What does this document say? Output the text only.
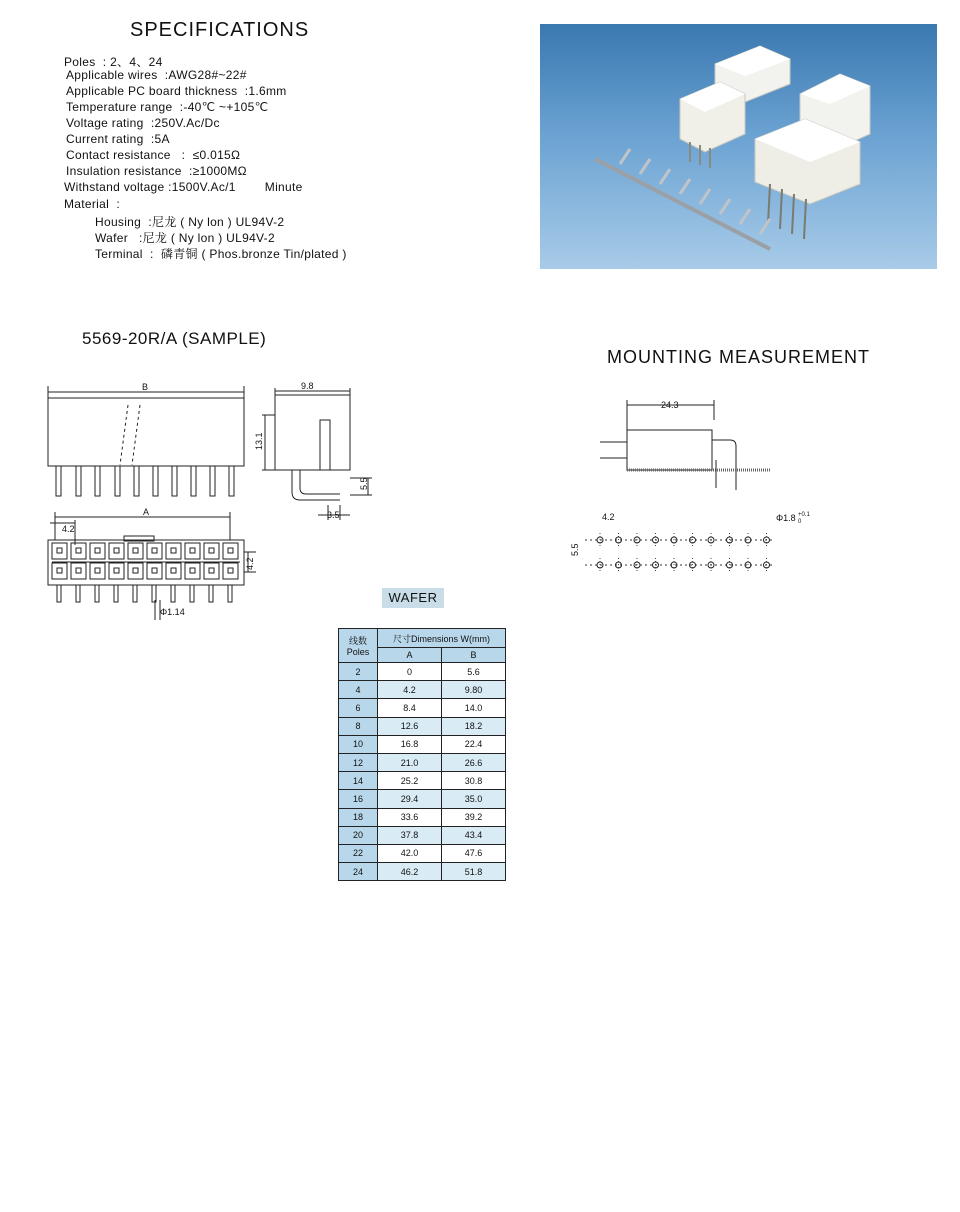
SPECIFICATIONS
Poles  : 2、4、24
Applicable wires  :AWG28#~22#
Applicable PC board thickness  :1.6mm
Temperature range  :-40℃ ~+105℃
Voltage rating  :250V.Ac/Dc
Current rating  :5A
Contact resistance   :  ≤0.015Ω
Insulation resistance  :≥1000MΩ
Withstand voltage :1500V.Ac/1        Minute
Material  :
Housing  :尼龙 ( Ny lon ) UL94V-2
Wafer   :尼龙 ( Ny lon ) UL94V-2
Terminal  :  磷青铜 ( Phos.bronze Tin/plated )
5569-20R/A (SAMPLE)
MOUNTING MEASUREMENT
B	9.8
13.1
5.5
3.5
A
4.2
4.2
Φ1.14
24.3
4.2
5.5
Φ1.8 +0.1
0
WAFER
线数
Poles	尺寸Dimensions W(mm)	
	A	B
2	0	5.6
4	4.2	9.80
6	8.4	14.0
8	12.6	18.2
10	16.8	22.4
12	21.0	26.6
14	25.2	30.8
16	29.4	35.0
18	33.6	39.2
20	37.8	43.4
22	42.0	47.6
24	46.2	51.8
